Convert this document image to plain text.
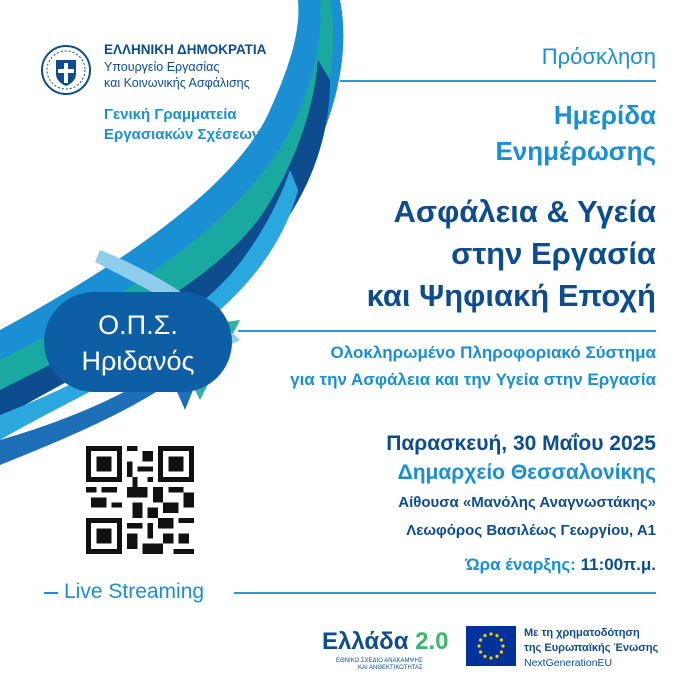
ΕΛΛΗΝΙΚΗ ΔΗΜΟΚΡΑΤΙΑ
Υπουργείο Εργασίας
και Κοινωνικής Ασφάλισης
Γενική Γραμματεία
Εργασιακών Σχέσεων
Πρόσκληση
Ημερίδα
Ενημέρωσης
Ασφάλεια & Υγεία
στην Εργασία
και Ψηφιακή Εποχή
Ο.Π.Σ.
Ηριδανός	Ολοκληρωμένο Πληροφοριακό Σύστημα
για την Ασφάλεια και την Υγεία στην Εργασία
Παρασκευή, 30 Μαΐου 2025
Δημαρχείο Θεσσαλονίκης
Αίθουσα «Μανόλης Αναγνωστάκης»
Λεωφόρος Βασιλέως Γεωργίου, Α1
Ώρα έναρξης: 11:00π.μ.
Live Streaming
Ελλάδα 2.0
ΕΘΝΙΚΟ ΣΧΕΔΙΟ ΑΝΑΚΑΜΨΗΣ
ΚΑΙ ΑΝΘΕΚΤΙΚΟΤΗΤΑΣ
Με τη χρηματοδότηση
της Ευρωπαϊκής Ένωσης
NextGenerationEU
